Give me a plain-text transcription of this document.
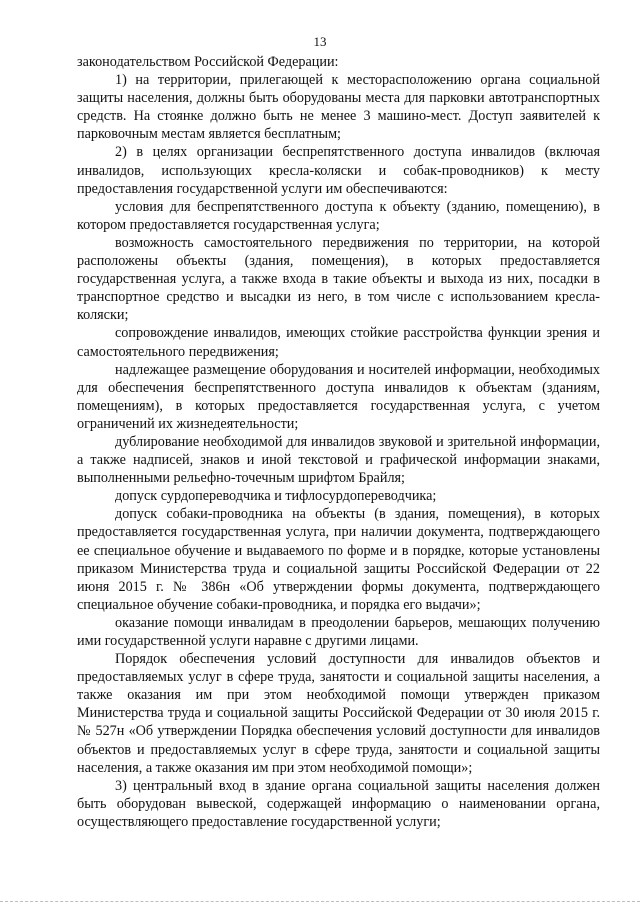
13

законодательством Российской Федерации:

1) на территории, прилегающей к месторасположению органа социальной защиты населения, должны быть оборудованы места для парковки автотранспортных средств. На стоянке должно быть не менее 3 машино-мест. Доступ заявителей к парковочным местам является бесплатным;

2) в целях организации беспрепятственного доступа инвалидов (включая инвалидов, использующих кресла-коляски и собак-проводников) к месту предоставления государственной услуги им обеспечиваются:

условия для беспрепятственного доступа к объекту (зданию, помещению), в котором предоставляется государственная услуга;

возможность самостоятельного передвижения по территории, на которой расположены объекты (здания, помещения), в которых предоставляется государственная услуга, а также входа в такие объекты и выхода из них, посадки в транспортное средство и высадки из него, в том числе с использованием кресла-коляски;

сопровождение инвалидов, имеющих стойкие расстройства функции зрения и самостоятельного передвижения;

надлежащее размещение оборудования и носителей информации, необходимых для обеспечения беспрепятственного доступа инвалидов к объектам (зданиям, помещениям), в которых предоставляется государственная услуга, с учетом ограничений их жизнедеятельности;

дублирование необходимой для инвалидов звуковой и зрительной информации, а также надписей, знаков и иной текстовой и графической информации знаками, выполненными рельефно-точечным шрифтом Брайля;

допуск сурдопереводчика и тифлосурдопереводчика;

допуск собаки-проводника на объекты (в здания, помещения), в которых предоставляется государственная услуга, при наличии документа, подтверждающего ее специальное обучение и выдаваемого по форме и в порядке, которые установлены приказом Министерства труда и социальной защиты Российской Федерации от 22 июня 2015 г. № 386н «Об утверждении формы документа, подтверждающего специальное обучение собаки-проводника, и порядка его выдачи»;

оказание помощи инвалидам в преодолении барьеров, мешающих получению ими государственной услуги наравне с другими лицами.

Порядок обеспечения условий доступности для инвалидов объектов и предоставляемых услуг в сфере труда, занятости и социальной защиты населения, а также оказания им при этом необходимой помощи утвержден приказом Министерства труда и социальной защиты Российской Федерации от 30 июля 2015 г. № 527н «Об утверждении Порядка обеспечения условий доступности для инвалидов объектов и предоставляемых услуг в сфере труда, занятости и социальной защиты населения, а также оказания им при этом необходимой помощи»;

3) центральный вход в здание органа социальной защиты населения должен быть оборудован вывеской, содержащей информацию о наименовании органа, осуществляющего предоставление государственной услуги;
